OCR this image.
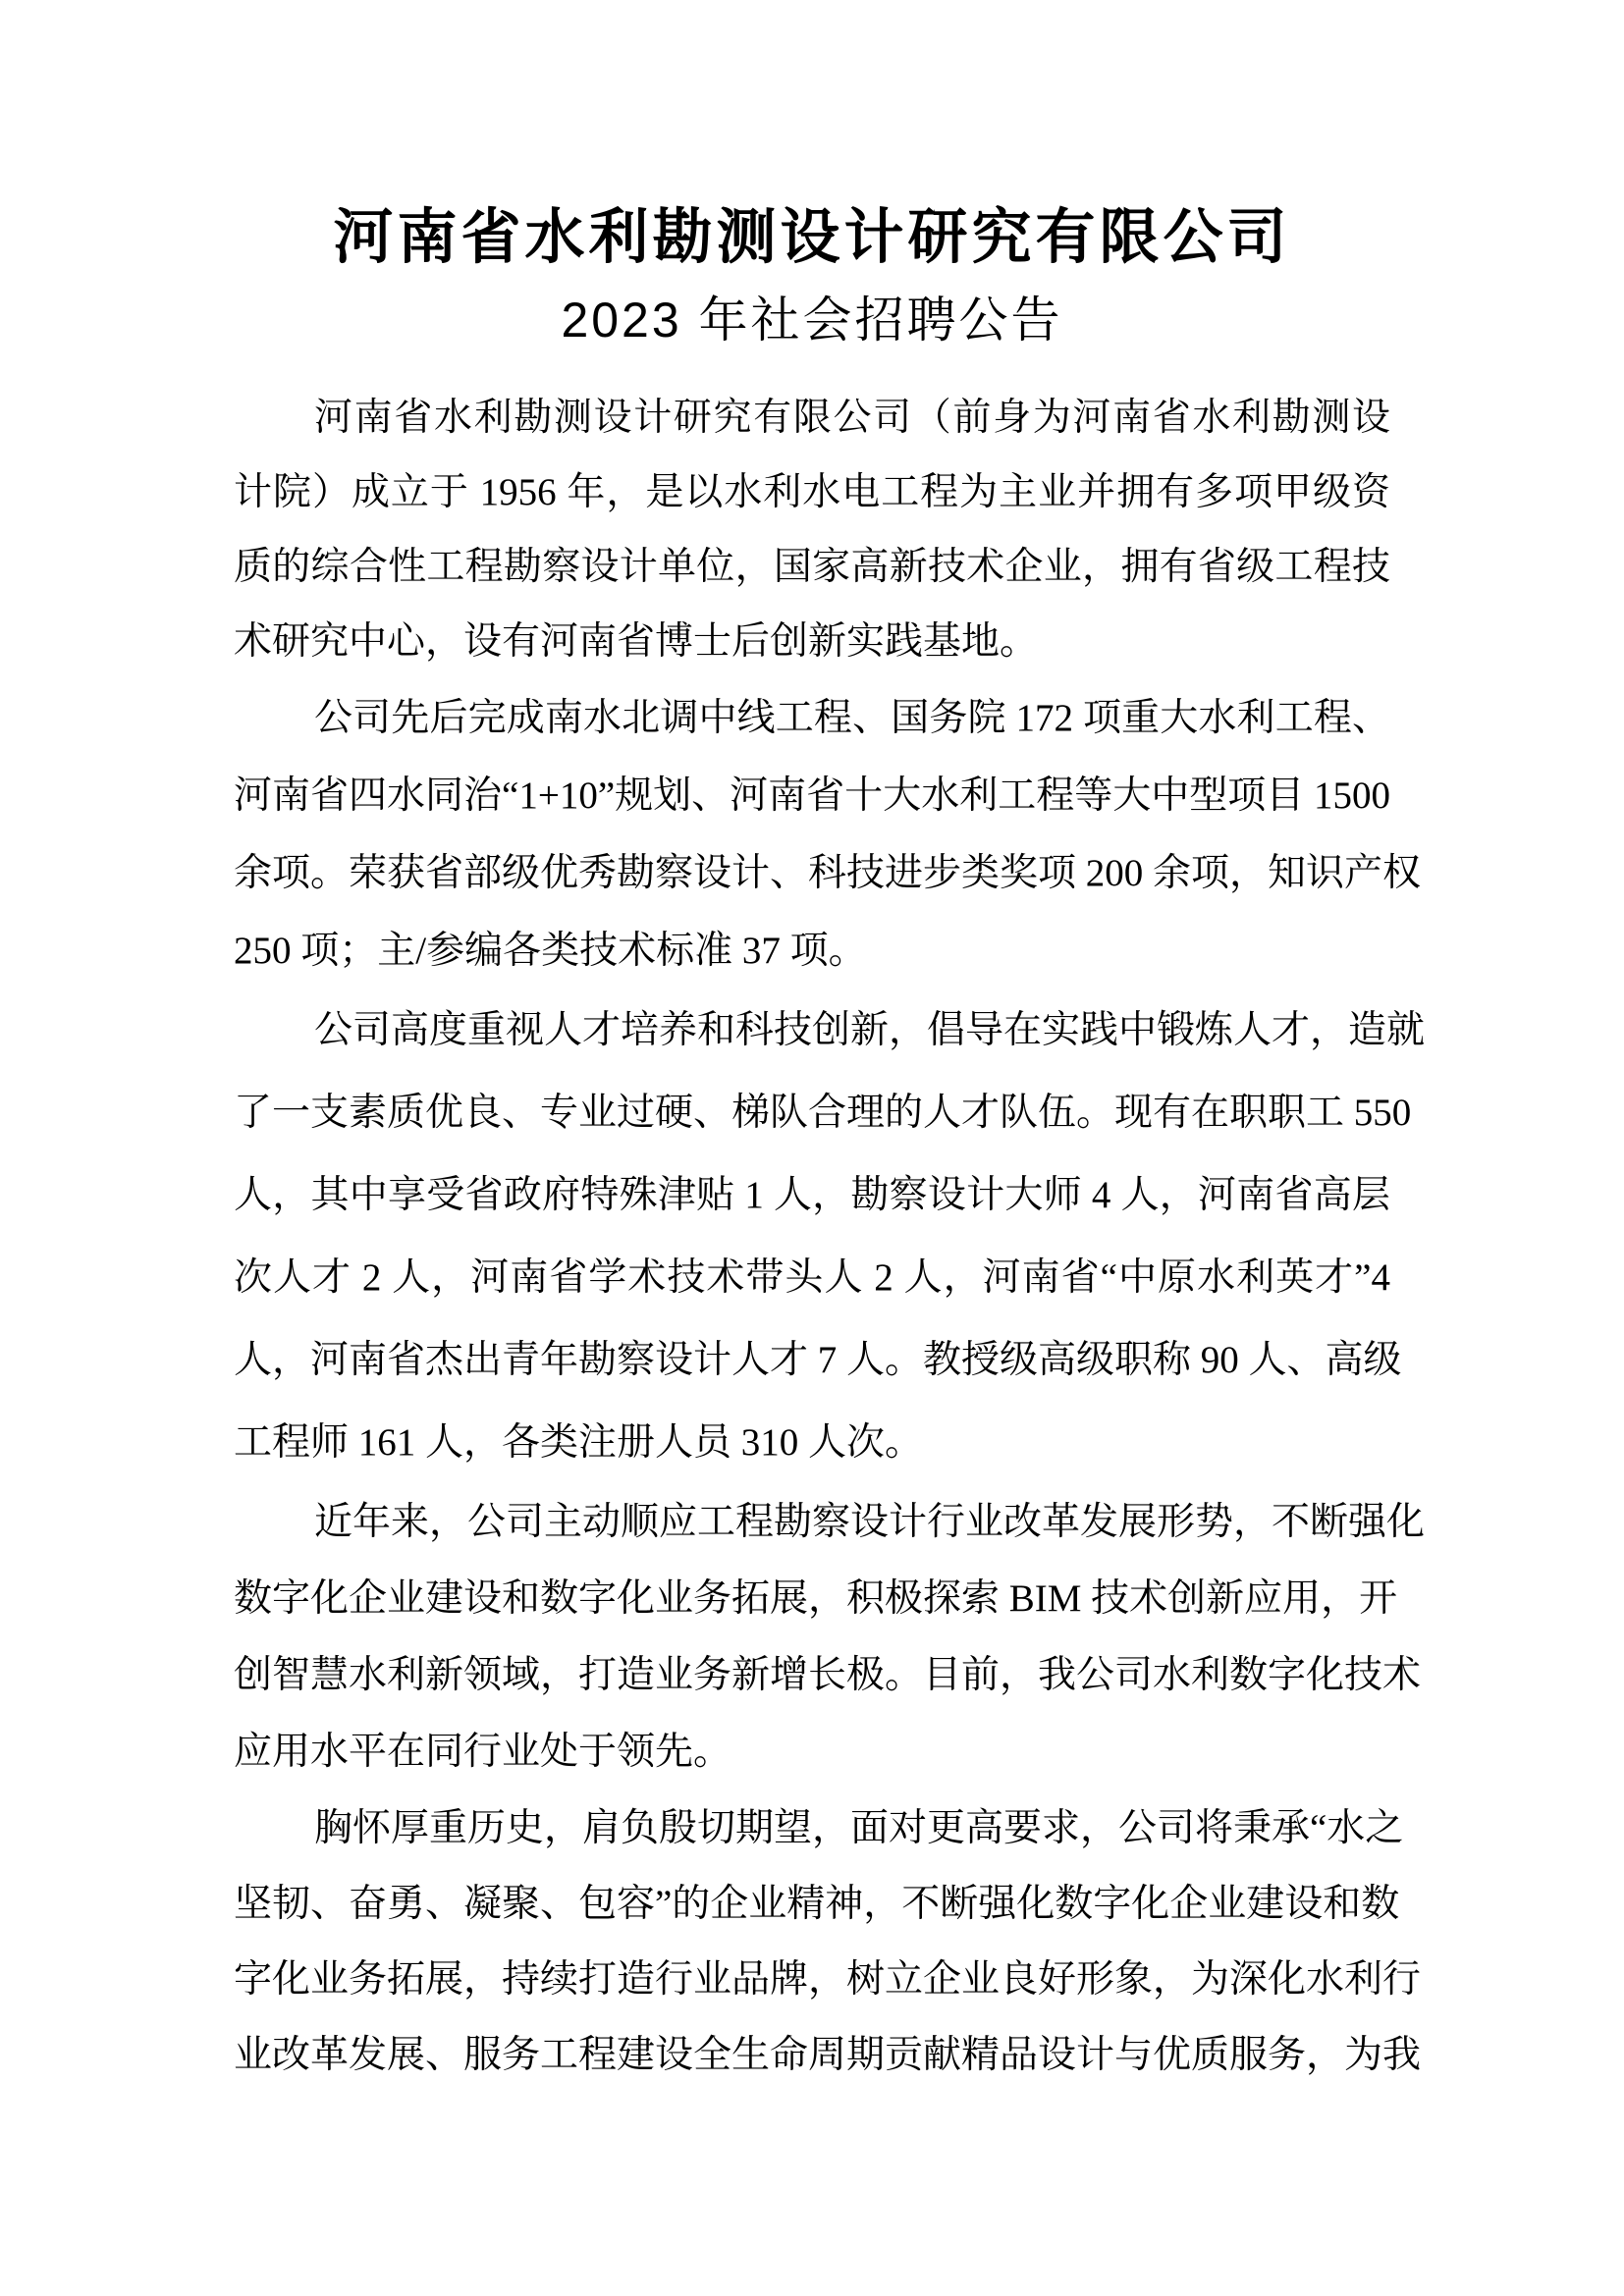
河南省水利勘测设计研究有限公司
2023 年社会招聘公告
河南省水利勘测设计研究有限公司（前身为河南省水利勘测设
计院）成立于 1956 年，是以水利水电工程为主业并拥有多项甲级资
质的综合性工程勘察设计单位，国家高新技术企业，拥有省级工程技
术研究中心，设有河南省博士后创新实践基地。
公司先后完成南水北调中线工程、国务院 172 项重大水利工程、
河南省四水同治“1+10”规划、河南省十大水利工程等大中型项目 1500
余项。荣获省部级优秀勘察设计、科技进步类奖项 200 余项，知识产权
250 项；主/参编各类技术标准 37 项。
公司高度重视人才培养和科技创新，倡导在实践中锻炼人才，造就
了一支素质优良、专业过硬、梯队合理的人才队伍。现有在职职工 550
人，其中享受省政府特殊津贴 1 人，勘察设计大师 4 人，河南省高层
次人才 2 人，河南省学术技术带头人 2 人，河南省“中原水利英才”4
人，河南省杰出青年勘察设计人才 7 人。教授级高级职称 90 人、高级
工程师 161 人，各类注册人员 310 人次。
近年来，公司主动顺应工程勘察设计行业改革发展形势，不断强化
数字化企业建设和数字化业务拓展，积极探索 BIM 技术创新应用，开
创智慧水利新领域，打造业务新增长极。目前，我公司水利数字化技术
应用水平在同行业处于领先。
胸怀厚重历史，肩负殷切期望，面对更高要求，公司将秉承“水之
坚韧、奋勇、凝聚、包容”的企业精神，不断强化数字化企业建设和数
字化业务拓展，持续打造行业品牌，树立企业良好形象，为深化水利行
业改革发展、服务工程建设全生命周期贡献精品设计与优质服务，为我
